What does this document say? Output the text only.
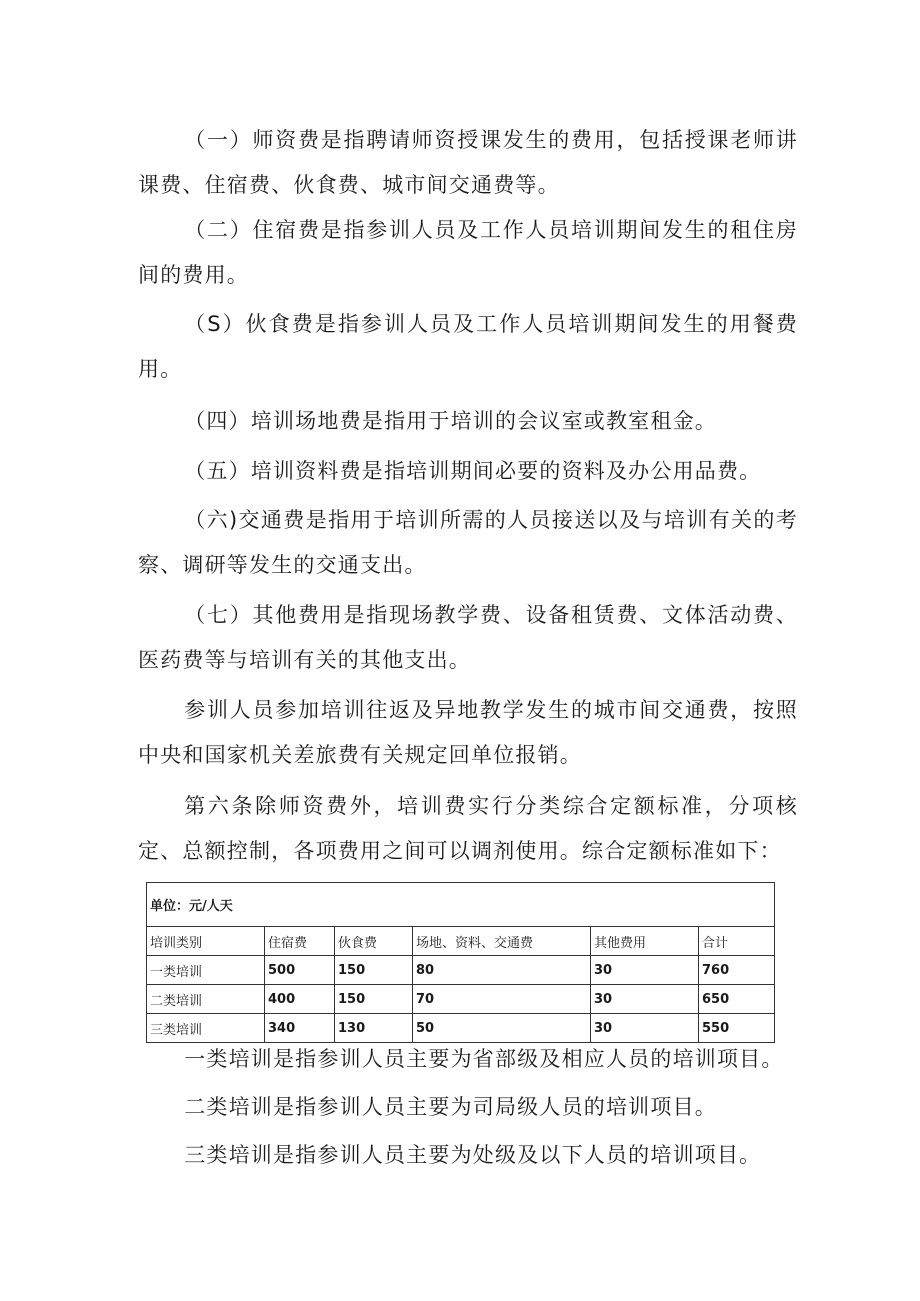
（一）师资费是指聘请师资授课发生的费用，包括授课老师讲课费、住宿费、伙食费、城市间交通费等。

（二）住宿费是指参训人员及工作人员培训期间发生的租住房间的费用。

（S）伙食费是指参训人员及工作人员培训期间发生的用餐费用。

（四）培训场地费是指用于培训的会议室或教室租金。

（五）培训资料费是指培训期间必要的资料及办公用品费。

（六)交通费是指用于培训所需的人员接送以及与培训有关的考察、调研等发生的交通支出。

（七）其他费用是指现场教学费、设备租赁费、文体活动费、医药费等与培训有关的其他支出。

参训人员参加培训往返及异地教学发生的城市间交通费，按照中央和国家机关差旅费有关规定回单位报销。

第六条除师资费外，培训费实行分类综合定额标准，分项核定、总额控制，各项费用之间可以调剂使用。综合定额标准如下：

单位：元/人天					
培训类别	住宿费	伙食费	场地、资料、交通费	其他费用	合计
一类培训	500	150	80	30	760
二类培训	400	150	70	30	650
三类培训	340	130	50	30	550

一类培训是指参训人员主要为省部级及相应人员的培训项目。

二类培训是指参训人员主要为司局级人员的培训项目。

三类培训是指参训人员主要为处级及以下人员的培训项目。
